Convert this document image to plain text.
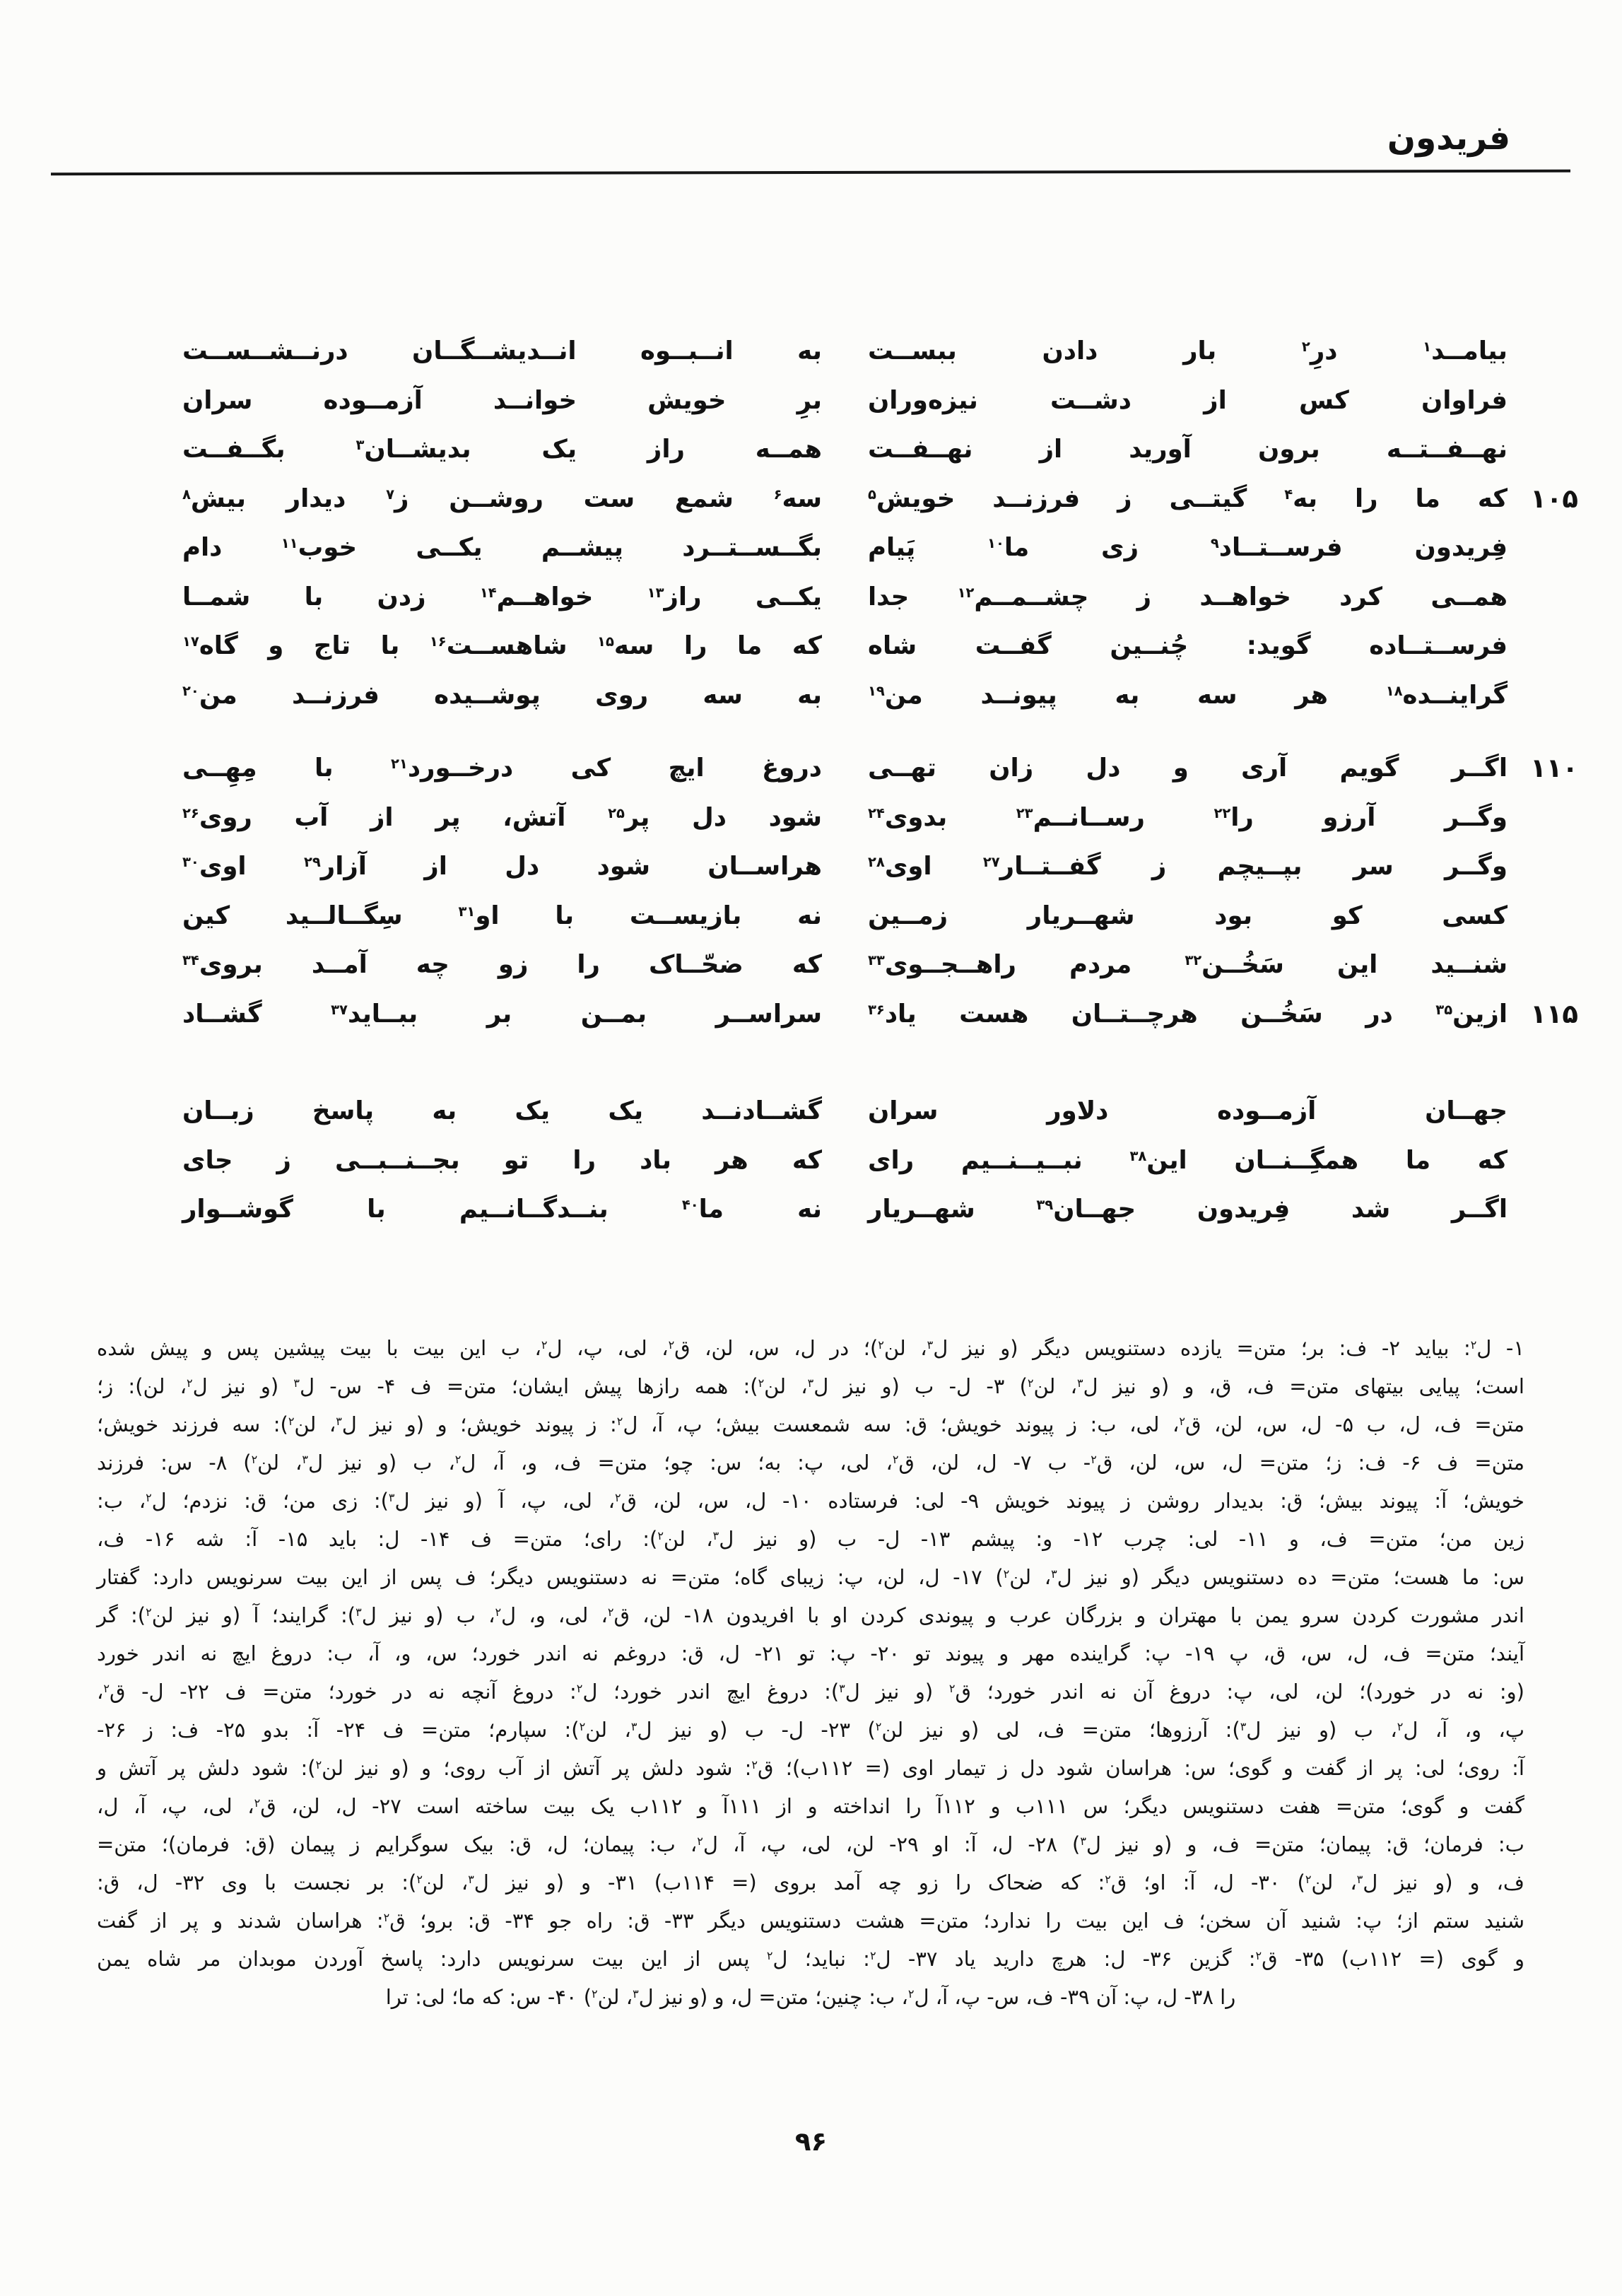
فريدون
بیامــد$^۱$ درِ$^۲$ بار دادن ببســت
به انــبــوه انــدیشــگــان درنــشــســت
فراوان کس از دشــت نیزه‌وران
برِ خویش خوانــد آزمــوده سران
نهــفــتــه برون آورید از نهــفــت
همــه راز یک بدیشــان$^۳$ بگــفــت
۱۰۵
که ما را به$^۴$ گیتــی ز فرزنــد خویش$^۵$
سه$^۶$ شمع ست روشــن ز$^۷$ دیدار بیش$^۸$
فِریدون فرســتــاد$^۹$ زی ما$^{۱۰}$ پَیام
بگــســتــرد پیشــم یکــی خوب$^{۱۱}$ دام
همــی کرد خواهــد ز چشــمــم$^{۱۲}$ جدا
یکــی راز$^{۱۳}$ خواهــم$^{۱۴}$ زدن با شمــا
فرســتــاده گوید: چُنــین گفــت شاه
که ما را سه$^{۱۵}$ شاهســت$^{۱۶}$ با تاج و گاه$^{۱۷}$
گراینــده$^{۱۸}$ هر سه به پیونــد من$^{۱۹}$
به سه روی پوشــیده فرزنــد من$^{۲۰}$
۱۱۰
اگــر گویم آری و دل زان تهــی
دروغ ایچ کی درخــورد$^{۲۱}$ با مِهِــی
وگــر آرزو را$^{۲۲}$ رســانــم$^{۲۳}$ بدوی$^{۲۴}$
شود دل پر$^{۲۵}$ آتش، پر از آب روی$^{۲۶}$
وگــر سر بپــیچم ز گفــتــار$^{۲۷}$ اوی$^{۲۸}$
هراســان شود دل از آزار$^{۲۹}$ اوی$^{۳۰}$
کسی کو بود شهــریار زمــین
نه بازیســت با او$^{۳۱}$ سِگــالــید کین
شنــید این سَخُــن$^{۳۲}$ مردم راهــجــوی$^{۳۳}$
که ضحّــاک را زو چه آمــد بروی$^{۳۴}$
۱۱۵
ازین$^{۳۵}$ در سَخُــن هرچــتــان هست یاد$^{۳۶}$
سراســر بمــن بر ببــاید$^{۳۷}$ گشــاد
جهــان آزمــوده دلاور سران
گشــادنــد یک یک به پاسخ زبــان
که ما همگِــنــان این$^{۳۸}$ نبــیــنــیم رای
که هر باد را تو بجــنــبــی ز جای
اگــر شد فِریدون جهــان$^{۳۹}$ شهــریار
نه ما$^{۴۰}$ بنــدگــانــیم با گوشــوار
۱- ل$^۲$: بیاید ۲- ف: بر؛ متن= یازده دستنویس دیگر (و نیز ل$^۳$، لن$^۲$)؛ در ل، س، لن، ق$^۲$، لی، پ، ل$^۲$، ب این بیت با بیت پیشین پس و پیش شده
است؛ پیایی بیتهای متن= ف، ق، و (و نیز ل$^۳$، لن$^۲$) ۳- ل- ب (و نیز ل$^۳$، لن$^۲$): همه رازها پیش ایشان؛ متن= ف ۴- س- ل$^۳$ (و نیز ل$^۲$، لن): ز؛
متن= ف، ل، ب ۵- ل، س، لن، ق$^۲$، لی، ب: ز پیوند خویش؛ ق: سه شمعست بیش؛ پ، آ، ل$^۲$: ز پیوند خویش؛ و (و نیز ل$^۳$، لن$^۲$): سه فرزند خویش؛
متن= ف ۶- ف: ز؛ متن= ل، س، لن، ق$^۲$- ب ۷- ل، لن، ق$^۲$، لی، پ: به؛ س: چو؛ متن= ف، و، آ، ل$^۲$، ب (و نیز ل$^۳$، لن$^۲$) ۸- س: فرزند
خویش؛ آ: پیوند بیش؛ ق: بدیدار روشن ز پیوند خویش ۹- لی: فرستاده ۱۰- ل، س، لن، ق$^۲$، لی، پ، آ (و نیز ل$^۳$): زی من؛ ق: نزدم؛ ل$^۲$، ب:
زین من؛ متن= ف، و ۱۱- لی: چرب ۱۲- و: پیشم ۱۳- ل- ب (و نیز ل$^۳$، لن$^۲$): رای؛ متن= ف ۱۴- ل: باید ۱۵- آ: شه ۱۶- ف،
س: ما هست؛ متن= ده دستنویس دیگر (و نیز ل$^۳$، لن$^۲$) ۱۷- ل، لن، پ: زیبای گاه؛ متن= نه دستنویس دیگر؛ ف پس از این بیت سرنویس دارد: گفتار
اندر مشورت کردن سرو یمن با مهتران و بزرگان عرب و پیوندی کردن او با افریدون ۱۸- لن، ق$^۲$، لی، و، ل$^۲$، ب (و نیز ل$^۳$): گرایند؛ آ (و نیز لن$^۲$): گر
آیند؛ متن= ف، ل، س، ق، پ ۱۹- پ: گراینده مهر و پیوند تو ۲۰- پ: تو ۲۱- ل، ق: دروغم نه اندر خورد؛ س، و، آ، ب: دروغ ایچ نه اندر خورد
(و: نه در خورد)؛ لن، لی، پ: دروغ آن نه اندر خورد؛ ق$^۲$ (و نیز ل$^۳$): دروغ ایچ اندر خورد؛ ل$^۲$: دروغ آنچه نه در خورد؛ متن= ف ۲۲- ل- ق$^۲$،
پ، و، آ، ل$^۲$، ب (و نیز ل$^۳$): آرزوها؛ متن= ف، لی (و نیز لن$^۲$) ۲۳- ل- ب (و نیز ل$^۳$، لن$^۲$): سپارم؛ متن= ف ۲۴- آ: بدو ۲۵- ف: ز ۲۶-
آ: روی؛ لی: پر از گفت و گوی؛ س: هراسان شود دل ز تیمار اوی (= ۱۱۲ب)؛ ق$^۲$: شود دلش پر آتش از آب روی؛ و (و نیز لن$^۲$): شود دلش پر آتش و
گفت و گوی؛ متن= هفت دستنویس دیگر؛ س ۱۱۱ب و ۱۱۲آ را انداخته و از ۱۱۱آ و ۱۱۲ب یک بیت ساخته است ۲۷- ل، لن، ق$^۲$، لی، پ، آ، ل،
ب: فرمان؛ ق: پیمان؛ متن= ف، و (و نیز ل$^۳$) ۲۸- ل، آ: او ۲۹- لن، لی، پ، آ، ل$^۲$، ب: پیمان؛ ل، ق: بیک سوگرایم ز پیمان (ق: فرمان)؛ متن=
ف، و (و نیز ل$^۳$، لن$^۲$) ۳۰- ل، آ: او؛ ق$^۲$: که ضحاک را زو چه آمد بروی (= ۱۱۴ب) ۳۱- و (و نیز ل$^۳$، لن$^۲$): بر نجست با وی ۳۲- ل، ق:
شنید ستم از؛ پ: شنید آن سخن؛ ف این بیت را ندارد؛ متن= هشت دستنویس دیگر ۳۳- ق: راه جو ۳۴- ق: برو؛ ق$^۲$: هراسان شدند و پر از گفت
و گوی (= ۱۱۲ب) ۳۵- ق$^۲$: گزین ۳۶- ل: هرچ دارید یاد ۳۷- ل$^۲$: نباید؛ ل$^۲$ پس از این بیت سرنویس دارد: پاسخ آوردن موبدان مر شاه یمن
را ۳۸- ل، پ: آن ۳۹- ف، س- پ، آ، ل$^۲$، ب: چنین؛ متن= ل، و (و نیز ل$^۳$، لن$^۲$) ۴۰- س: که ما؛ لی: ترا
۹۶
